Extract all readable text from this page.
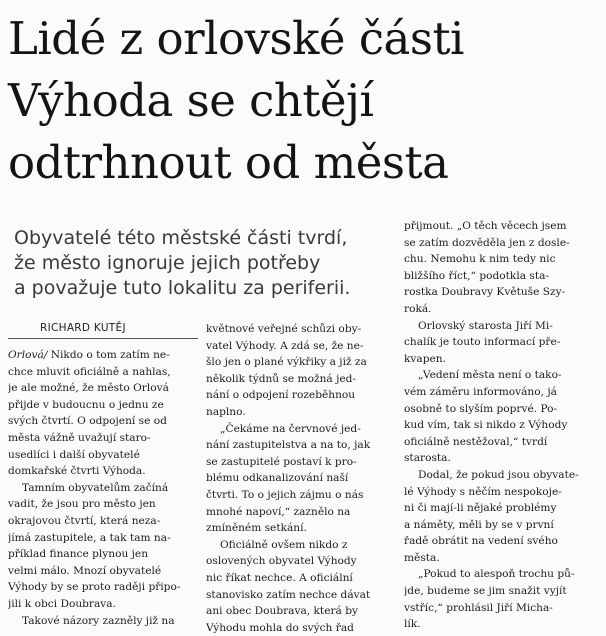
Lidé z orlovské části
Výhoda se chtějí
odtrhnout od města
Obyvatelé této městské části tvrdí,
že město ignoruje jejich potřeby
a považuje tuto lokalitu za periferii.
RICHARD KUTĚJ

Orlová/ Nikdo o tom zatím ne-
chce mluvit oficiálně a nahlas,
je ale možné, že město Orlová
přijde v budoucnu o jednu ze
svých čtvrtí. O odpojení se od
města vážně uvažují staro-
usedlíci i další obyvatelé
domkařské čtvrti Výhoda.

Tamním obyvatelům začíná
vadit, že jsou pro město jen
okrajovou čtvrtí, která neza-
jímá zastupitele, a tak tam na-
příklad finance plynou jen
velmi málo. Mnozí obyvatelé
Výhody by se proto raději připo-
jili k obci Doubrava.

Takové názory zazněly již na

květnové veřejné schůzi oby-
vatel Výhody. A zdá se, že ne-
šlo jen o plané výkřiky a již za
několik týdnů se možná jed-
nání o odpojení rozeběhnou
naplno.

„Čekáme na červnové jed-
nání zastupitelstva a na to, jak
se zastupitelé postaví k pro-
blému odkanalizování naší
čtvrti. To o jejich zájmu o nás
mnohé napoví,“ zaznělo na
zmíněném setkání.

Oficiálně ovšem nikdo z
oslovených obyvatel Výhody
nic říkat nechce. A oficiální
stanovisko zatím nechce dávat
ani obec Doubrava, která by
Výhodu mohla do svých řad

přijmout. „O těch věcech jsem
se zatím dozvěděla jen z dosle-
chu. Nemohu k nim tedy nic
bližšího říct,“ podotkla sta-
rostka Doubravy Květuše Szy-
roká.

Orlovský starosta Jiří Mi-
chalík je touto informací pře-
kvapen.

„Vedení města není o tako-
vém záměru informováno, já
osobně to slyším poprvé. Po-
kud vím, tak si nikdo z Výhody
oficiálně nestěžoval,“ tvrdí
starosta.

Dodal, že pokud jsou obyvate-
lé Výhody s něčím nespokoje-
ni či mají-li nějaké problémy
a náměty, měli by se v první
řadě obrátit na vedení svého
města.

„Pokud to alespoň trochu pů-
jde, budeme se jim snažit vyjít
vstříc,“ prohlásil Jiří Micha-
lík.
